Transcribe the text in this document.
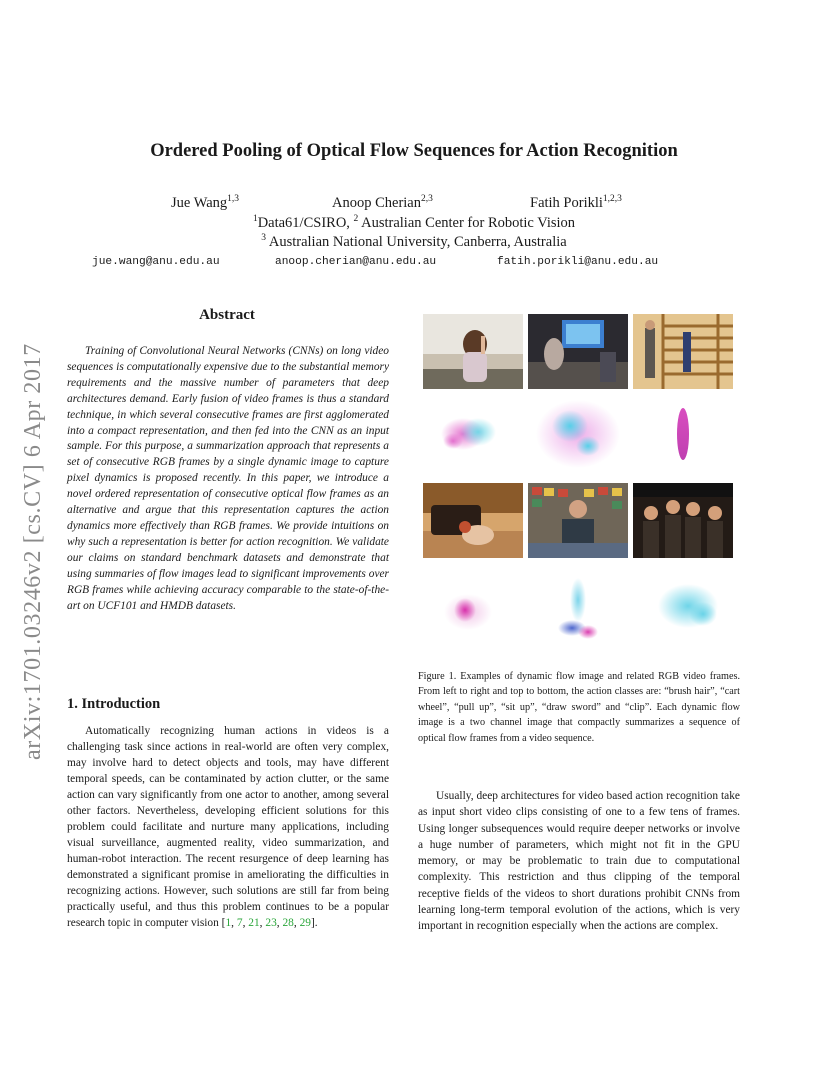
arXiv:1701.03246v2 [cs.CV] 6 Apr 2017
Ordered Pooling of Optical Flow Sequences for Action Recognition
Jue Wang$^{1,3}$	Anoop Cherian$^{2,3}$	Fatih Porikli$^{1,2,3}$
$^1$Data61/CSIRO, $^2$ Australian Center for Robotic Vision
$^3$ Australian National University, Canberra, Australia
jue.wang@anu.edu.au	anoop.cherian@anu.edu.au	fatih.porikli@anu.edu.au
Abstract

Training of Convolutional Neural Networks (CNNs) on long video sequences is computationally expensive due to the substantial memory requirements and the massive number of parameters that deep architectures demand. Early fusion of video frames is thus a standard technique, in which several consecutive frames are first agglomerated into a compact representation, and then fed into the CNN as an input sample. For this purpose, a summarization approach that represents a set of consecutive RGB frames by a single dynamic image to capture pixel dynamics is proposed recently. In this paper, we introduce a novel ordered representation of consecutive optical flow frames as an alternative and argue that this representation captures the action dynamics more effectively than RGB frames. We provide intuitions on why such a representation is better for action recognition. We validate our claims on standard benchmark datasets and demonstrate that using summaries of flow images lead to significant improvements over RGB frames while achieving accuracy comparable to the state-of-the-art on UCF101 and HMDB datasets.

1. Introduction

Automatically recognizing human actions in videos is a challenging task since actions in real-world are often very complex, may involve hard to detect objects and tools, may have different temporal speeds, can be contaminated by action clutter, or the same action can vary significantly from one actor to another, among several other factors. Nevertheless, developing efficient solutions for this problem could facilitate and nurture many applications, including visual surveillance, augmented reality, video summarization, and human-robot interaction. The recent resurgence of deep learning has demonstrated a significant promise in ameliorating the difficulties in recognizing actions. However, such solutions are still far from being practically useful, and thus this problem continues to be a popular research topic in computer vision [1, 7, 21, 23, 28, 29].

Figure 1. Examples of dynamic flow image and related RGB video frames. From left to right and top to bottom, the action classes are: “brush hair”, “cart wheel”, “pull up”, “sit up”, “draw sword” and “clip”. Each dynamic flow image is a two channel image that compactly summarizes a sequence of optical flow frames from a video sequence.

Usually, deep architectures for video based action recognition take as input short video clips consisting of one to a few tens of frames. Using longer subsequences would require deeper networks or involve a huge number of parameters, which might not fit in the GPU memory, or may be problematic to train due to computational complexity. This restriction and thus clipping of the temporal receptive fields of the videos to short durations prohibit CNNs from learning long-term temporal evolution of the actions, which is very important in recognition especially when the actions are complex.
